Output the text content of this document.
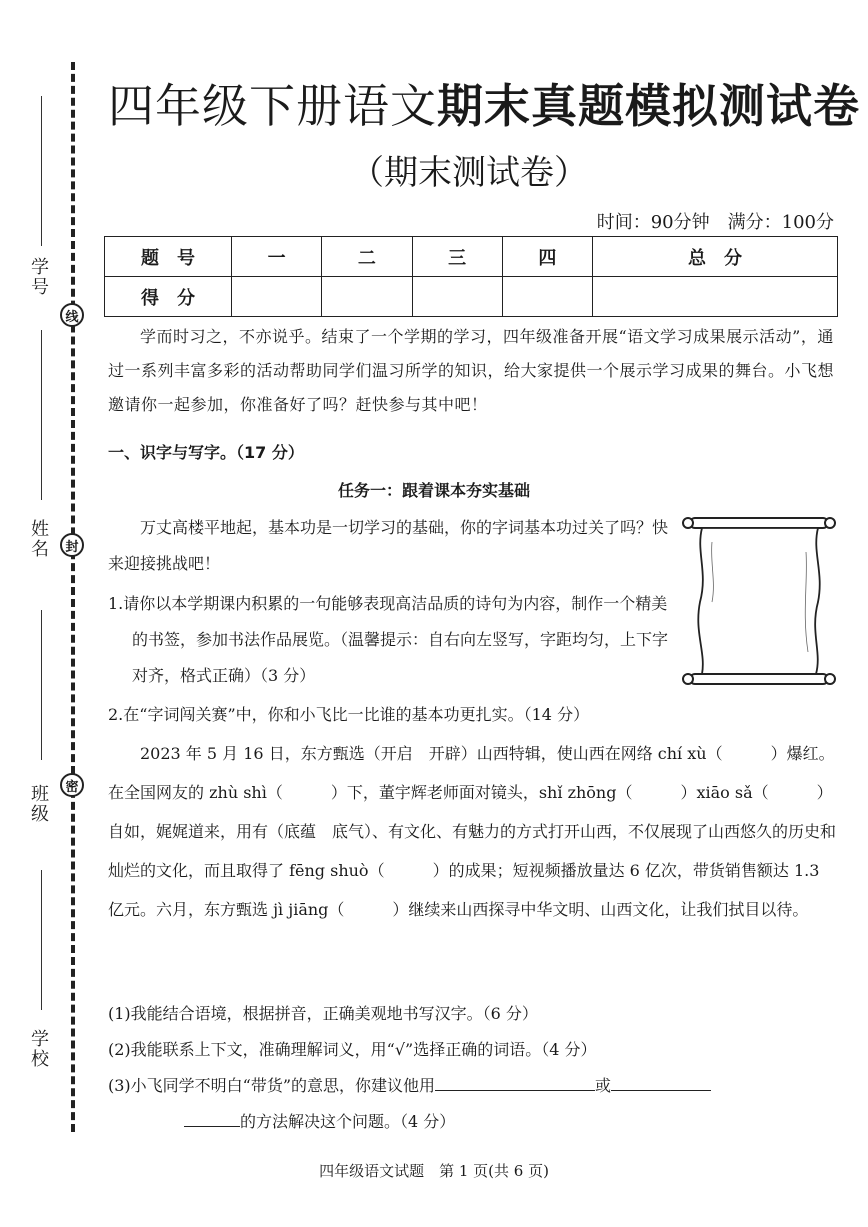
学号
姓名
班级
学校
线
封
密
四年级下册语文期末真题模拟测试卷
（期末测试卷）
时间：90分钟　满分：100分
题　号	一	二	三	四	总　分
得　分					
学而时习之，不亦说乎。结束了一个学期的学习，四年级准备开展“语文学习成果展示活动”，通过一系列丰富多彩的活动帮助同学们温习所学的知识，给大家提供一个展示学习成果的舞台。小飞想邀请你一起参加，你准备好了吗？赶快参与其中吧！
一、识字与写字。（17 分）
任务一：跟着课本夯实基础
万丈高楼平地起，基本功是一切学习的基础，你的字词基本功过关了吗？快来迎接挑战吧！
1.请你以本学期课内积累的一句能够表现高洁品质的诗句为内容，制作一个精美的书签，参加书法作品展览。（温馨提示：自右向左竖写，字距均匀，上下字对齐，格式正确）（3 分）
2.在“字词闯关赛”中，你和小飞比一比谁的基本功更扎实。（14 分）
2023 年 5 月 16 日，东方甄选（开启　开辟）山西特辑，使山西在网络 chí xù（　　　）爆红。在全国网友的 zhù shì（　　　）下，董宇辉老师面对镜头，shǐ zhōng（　　　）xiāo sǎ（　　　）自如，娓娓道来，用有（底蕴　底气）、有文化、有魅力的方式打开山西，不仅展现了山西悠久的历史和灿烂的文化，而且取得了 fēng shuò（　　　）的成果；短视频播放量达 6 亿次，带货销售额达 1.3 亿元。六月，东方甄选 jì jiāng（　　　）继续来山西探寻中华文明、山西文化，让我们拭目以待。
(1)我能结合语境，根据拼音，正确美观地书写汉字。（6 分）
(2)我能联系上下文，准确理解词义，用“√”选择正确的词语。（4 分）
(3)小飞同学不明白“带货”的意思，你建议他用	或
的方法解决这个问题。（4 分）
四年级语文试题　第 1 页(共 6 页)
